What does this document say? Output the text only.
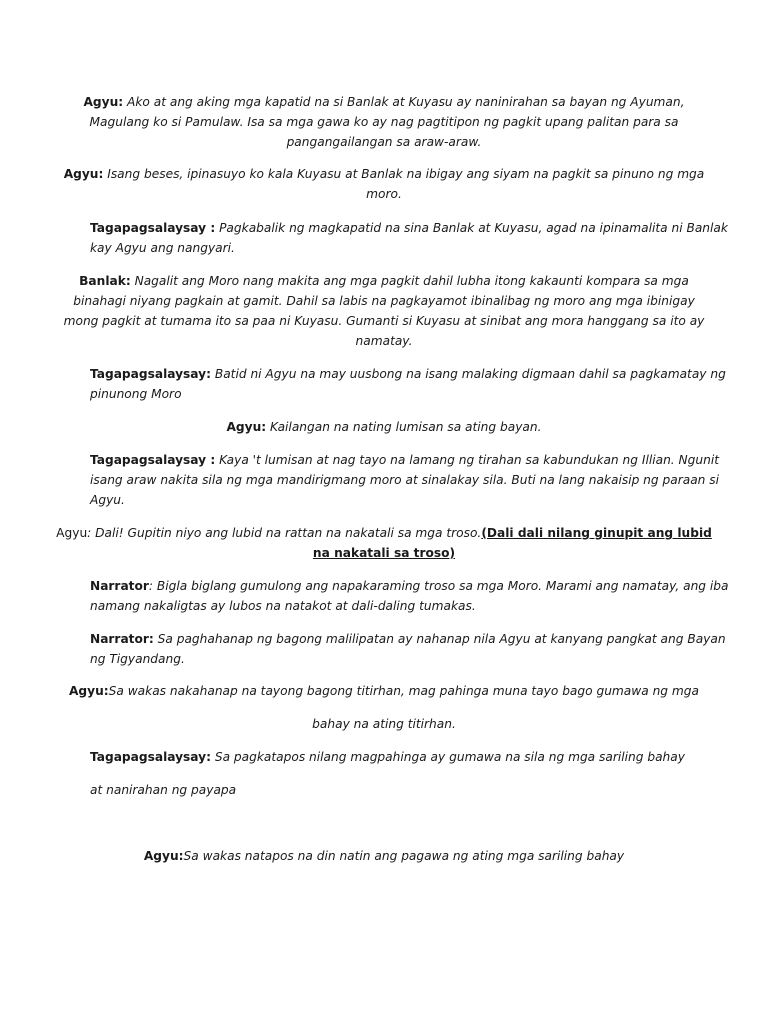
Agyu: Ako at ang aking mga kapatid na si Banlak at Kuyasu ay naninirahan sa bayan ng Ayuman,
Magulang ko si Pamulaw. Isa sa mga gawa ko ay nag pagtitipon ng pagkit upang palitan para sa
pangangailangan sa araw-araw.
Agyu: Isang beses, ipinasuyo ko kala Kuyasu at Banlak na ibigay ang siyam na pagkit sa pinuno ng mga
moro.
Tagapagsalaysay : Pagkabalik ng magkapatid na sina Banlak at Kuyasu, agad na ipinamalita ni Banlak
kay Agyu ang nangyari.
Banlak: Nagalit ang Moro nang makita ang mga pagkit dahil lubha itong kakaunti kompara sa mga
binahagi niyang pagkain at gamit. Dahil sa labis na pagkayamot ibinalibag ng moro ang mga ibinigay
mong pagkit at tumama ito sa paa ni Kuyasu. Gumanti si Kuyasu at sinibat ang mora hanggang sa ito ay
namatay.
Tagapagsalaysay: Batid ni Agyu na may uusbong na isang malaking digmaan dahil sa pagkamatay ng
pinunong Moro
Agyu: Kailangan na nating lumisan sa ating bayan.
Tagapagsalaysay : Kaya 't lumisan at nag tayo na lamang ng tirahan sa kabundukan ng Illian. Ngunit
isang araw nakita sila ng mga mandirigmang moro at sinalakay sila. Buti na lang nakaisip ng paraan si
Agyu.
Agyu: Dali! Gupitin niyo ang lubid na rattan na nakatali sa mga troso.(Dali dali nilang ginupit ang lubid
na nakatali sa troso)
Narrator: Bigla biglang gumulong ang napakaraming troso sa mga Moro. Marami ang namatay, ang iba
namang nakaligtas ay lubos na natakot at dali-daling tumakas.
Narrator: Sa paghahanap ng bagong malilipatan ay nahanap nila Agyu at kanyang pangkat ang Bayan
ng Tigyandang.
Agyu:Sa wakas nakahanap na tayong bagong titirhan, mag pahinga muna tayo bago gumawa ng mga
bahay na ating titirhan.
Tagapagsalaysay: Sa pagkatapos nilang magpahinga ay gumawa na sila ng mga sariling bahay
at nanirahan ng payapa
Agyu:Sa wakas natapos na din natin ang pagawa ng ating mga sariling bahay
